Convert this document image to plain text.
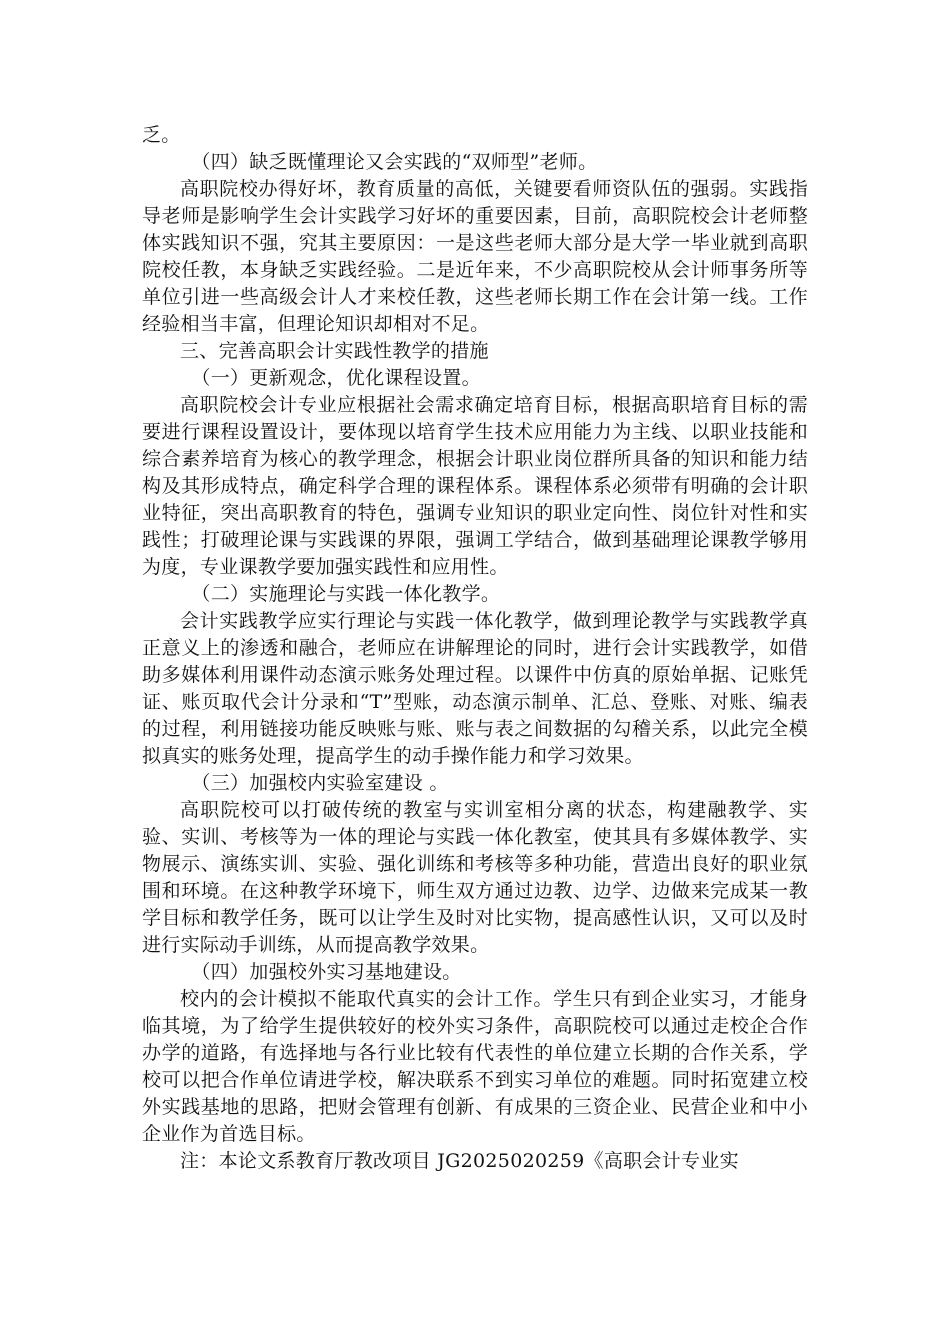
乏。

（四）缺乏既懂理论又会实践的“双师型”老师。

高职院校办得好坏，教育质量的高低，关键要看师资队伍的强弱。实践指导老师是影响学生会计实践学习好坏的重要因素，目前，高职院校会计老师整体实践知识不强，究其主要原因：一是这些老师大部分是大学一毕业就到高职院校任教，本身缺乏实践经验。二是近年来，不少高职院校从会计师事务所等单位引进一些高级会计人才来校任教，这些老师长期工作在会计第一线。工作经验相当丰富，但理论知识却相对不足。

三、完善高职会计实践性教学的措施

（一）更新观念，优化课程设置。

高职院校会计专业应根据社会需求确定培育目标，根据高职培育目标的需要进行课程设置设计，要体现以培育学生技术应用能力为主线、以职业技能和综合素养培育为核心的教学理念，根据会计职业岗位群所具备的知识和能力结构及其形成特点，确定科学合理的课程体系。课程体系必须带有明确的会计职业特征，突出高职教育的特色，强调专业知识的职业定向性、岗位针对性和实践性；打破理论课与实践课的界限，强调工学结合，做到基础理论课教学够用为度，专业课教学要加强实践性和应用性。

（二）实施理论与实践一体化教学。

会计实践教学应实行理论与实践一体化教学，做到理论教学与实践教学真正意义上的渗透和融合，老师应在讲解理论的同时，进行会计实践教学，如借助多媒体利用课件动态演示账务处理过程。以课件中仿真的原始单据、记账凭证、账页取代会计分录和“T”型账，动态演示制单、汇总、登账、对账、编表的过程，利用链接功能反映账与账、账与表之间数据的勾稽关系，以此完全模拟真实的账务处理，提高学生的动手操作能力和学习效果。

（三）加强校内实验室建设 。

高职院校可以打破传统的教室与实训室相分离的状态，构建融教学、实验、实训、考核等为一体的理论与实践一体化教室，使其具有多媒体教学、实物展示、演练实训、实验、强化训练和考核等多种功能，营造出良好的职业氛围和环境。在这种教学环境下，师生双方通过边教、边学、边做来完成某一教学目标和教学任务，既可以让学生及时对比实物，提高感性认识，又可以及时进行实际动手训练，从而提高教学效果。

（四）加强校外实习基地建设。

校内的会计模拟不能取代真实的会计工作。学生只有到企业实习，才能身临其境，为了给学生提供较好的校外实习条件，高职院校可以通过走校企合作办学的道路，有选择地与各行业比较有代表性的单位建立长期的合作关系，学校可以把合作单位请进学校，解决联系不到实习单位的难题。同时拓宽建立校外实践基地的思路，把财会管理有创新、有成果的三资企业、民营企业和中小企业作为首选目标。

注：本论文系教育厅教改项目 JG2025020259《高职会计专业实
